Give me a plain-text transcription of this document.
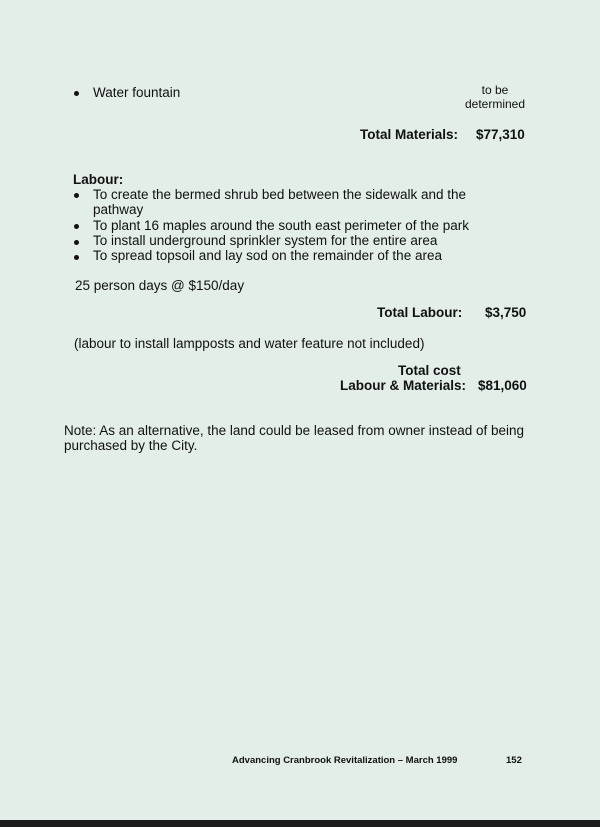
Water fountain	to be
determined
Total Materials: $77,310
Labour:
To create the bermed shrub bed between the sidewalk and the
pathway
To plant 16 maples around the south east perimeter of the park
To install underground sprinkler system for the entire area
To spread topsoil and lay sod on the remainder of the area
25 person days @ $150/day
Total Labour: $3,750
(labour to install lampposts and water feature not included)
Total cost
Labour & Materials: $81,060
Note: As an alternative, the land could be leased from owner instead of being
purchased by the City.
Advancing Cranbrook Revitalization – March 1999	152
